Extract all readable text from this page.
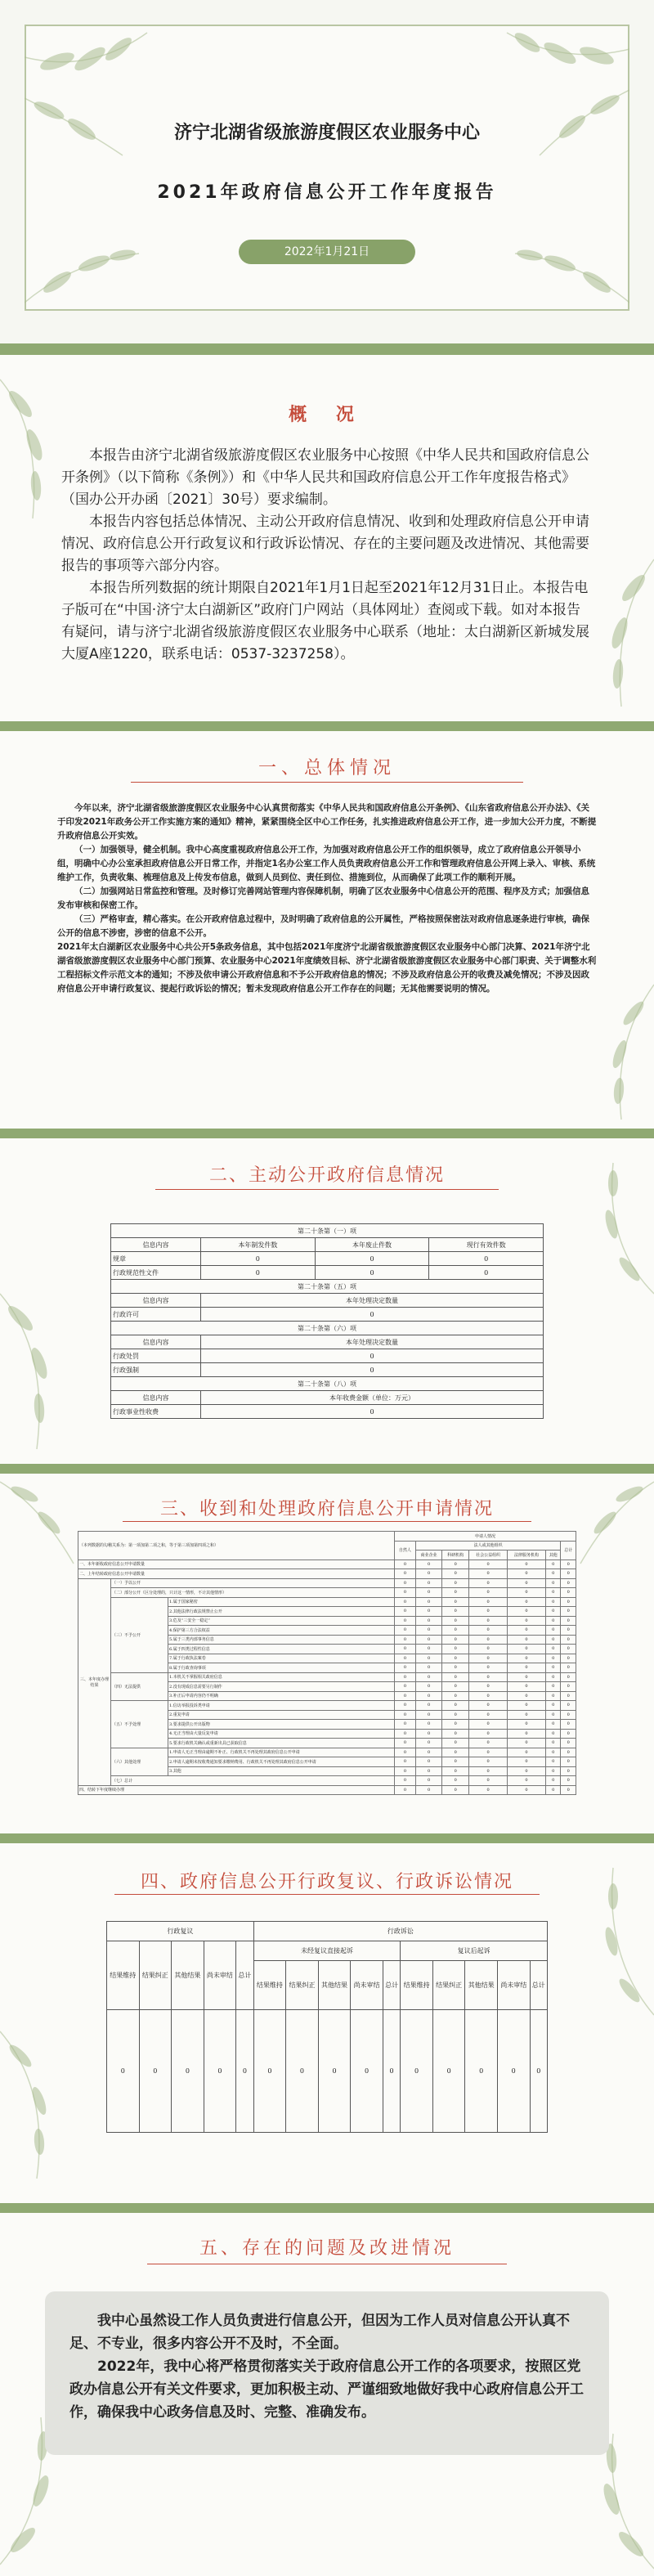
济宁北湖省级旅游度假区农业服务中心
2021年政府信息公开工作年度报告
2022年1月21日
概 况

本报告由济宁北湖省级旅游度假区农业服务中心按照《中华人民共和国政府信息公开条例》（以下简称《条例》）和《中华人民共和国政府信息公开工作年度报告格式》（国办公开办函〔2021〕30号）要求编制。

本报告内容包括总体情况、主动公开政府信息情况、收到和处理政府信息公开申请情况、政府信息公开行政复议和行政诉讼情况、存在的主要问题及改进情况、其他需要报告的事项等六部分内容。

本报告所列数据的统计期限自2021年1月1日起至2021年12月31日止。本报告电子版可在“中国·济宁太白湖新区”政府门户网站（具体网址）查阅或下载。如对本报告有疑问，请与济宁北湖省级旅游度假区农业服务中心联系（地址：太白湖新区新城发展大厦A座1220，联系电话：0537-3237258）。

一、总体情况

今年以来，济宁北湖省级旅游度假区农业服务中心认真贯彻落实《中华人民共和国政府信息公开条例》、《山东省政府信息公开办法》、《关于印发2021年政务公开工作实施方案的通知》精神，紧紧围绕全区中心工作任务，扎实推进政府信息公开工作，进一步加大公开力度，不断提升政府信息公开实效。

（一）加强领导，健全机制。我中心高度重视政府信息公开工作，为加强对政府信息公开工作的组织领导，成立了政府信息公开领导小组，明确中心办公室承担政府信息公开日常工作，并指定1名办公室工作人员负责政府信息公开工作和管理政府信息公开网上录入、审核、系统维护工作，负责收集、梳理信息及上传发布信息，做到人员到位、责任到位、措施到位，从而确保了此项工作的顺利开展。

（二）加强网站日常监控和管理。及时修订完善网站管理内容保障机制，明确了区农业服务中心信息公开的范围、程序及方式；加强信息发布审核和保密工作。

（三）严格审查，精心落实。在公开政府信息过程中，及时明确了政府信息的公开属性，严格按照保密法对政府信息逐条进行审核，确保公开的信息不涉密，涉密的信息不公开。

2021年太白湖新区农业服务中心共公开5条政务信息，其中包括2021年度济宁北湖省级旅游度假区农业服务中心部门决算、2021年济宁北湖省级旅游度假区农业服务中心部门预算、农业服务中心2021年度绩效目标、济宁北湖省级旅游度假区农业服务中心部门职责、关于调整水利工程招标文件示范文本的通知；不涉及依申请公开政府信息和不予公开政府信息的情况；不涉及政府信息公开的收费及减免情况；不涉及因政府信息公开申请行政复议、提起行政诉讼的情况；暂未发现政府信息公开工作存在的问题；无其他需要说明的情况。

二、主动公开政府信息情况
第二十条第（一）项			
信息内容	本年制发件数	本年废止件数	现行有效件数
规章	0	0	0
行政规范性文件	0	0	0
第二十条第（五）项			
信息内容	本年处理决定数量		
行政许可	0		
第二十条第（六）项			
信息内容	本年处理决定数量		
行政处罚	0		
行政强制	0		
第二十条第（八）项			
信息内容	本年收费金额（单位：万元）		
行政事业性收费	0		
三、收到和处理政府信息公开申请情况
（本列数据的勾稽关系为：第一项加第二项之和，等于第三项加第四项之和）			申请人情况						
			自然人	法人或其他组织					总计
				商业企业	科研机构	社会公益组织	法律服务机构	其他	
一、本年新收政府信息公开申请数量			0	0	0	0	0	0	0
二、上年结转政府信息公开申请数量			0	0	0	0	0	0	0
三、本年度办理结果	（一）予以公开		0	0	0	0	0	0	0
	（二）部分公开（区分处理的，只计这一情形，不计其他情形）		0	0	0	0	0	0	0
	（三）不予公开	1.属于国家秘密	0	0	0	0	0	0	0
		2.其他法律行政法规禁止公开	0	0	0	0	0	0	0
		3.危及“三安全一稳定”	0	0	0	0	0	0	0
		4.保护第三方合法权益	0	0	0	0	0	0	0
		5.属于三类内部事务信息	0	0	0	0	0	0	0
		6.属于四类过程性信息	0	0	0	0	0	0	0
		7.属于行政执法案卷	0	0	0	0	0	0	0
		8.属于行政查询事项	0	0	0	0	0	0	0
	（四）无法提供	1.本机关不掌握相关政府信息	0	0	0	0	0	0	0
		2.没有现成信息需要另行制作	0	0	0	0	0	0	0
		3.补正后申请内容仍不明确	0	0	0	0	0	0	0
	（五）不予处理	1.信访举报投诉类申请	0	0	0	0	0	0	0
		2.重复申请	0	0	0	0	0	0	0
		3.要求提供公开出版物	0	0	0	0	0	0	0
		4.无正当理由大量反复申请	0	0	0	0	0	0	0
		5.要求行政机关确认或重新出具已获取信息	0	0	0	0	0	0	0
	（六）其他处理	1.申请人无正当理由逾期不补正、行政机关不再处理其政府信息公开申请	0	0	0	0	0	0	0
		2.申请人逾期未按收费通知要求缴纳费用、行政机关不再处理其政府信息公开申请	0	0	0	0	0	0	0
		3.其他	0	0	0	0	0	0	0
	（七）总计		0	0	0	0	0	0	0
四、结转下年度继续办理			0	0	0	0	0	0	0
四、政府信息公开行政复议、行政诉讼情况
行政复议					行政诉讼									
结果维持	结果纠正	其他结果	尚未审结	总计	未经复议直接起诉					复议后起诉				
					结果维持	结果纠正	其他结果	尚未审结	总计	结果维持	结果纠正	其他结果	尚未审结	总计
0	0	0	0	0	0	0	0	0	0	0	0	0	0	0
五、存在的问题及改进情况

我中心虽然设工作人员负责进行信息公开，但因为工作人员对信息公开认真不足、不专业，很多内容公开不及时，不全面。

2022年，我中心将严格贯彻落实关于政府信息公开工作的各项要求，按照区党政办信息公开有关文件要求，更加积极主动、严谨细致地做好我中心政府信息公开工作，确保我中心政务信息及时、完整、准确发布。
